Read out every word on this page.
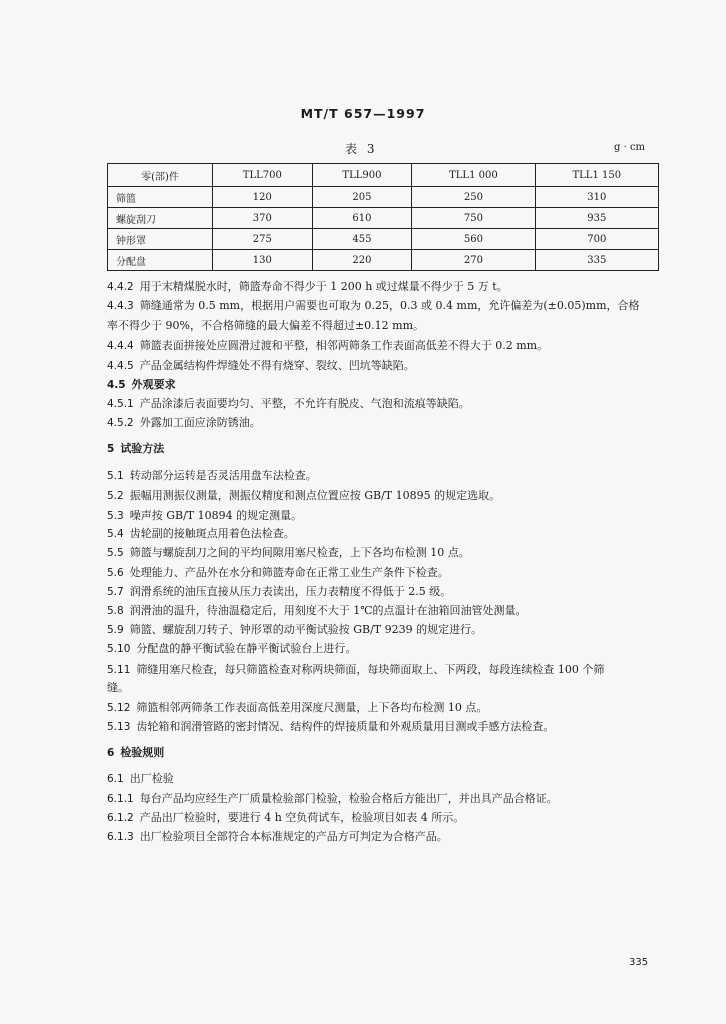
MT/T 657—1997
表 3	g · cm
零(部)件	TLL700	TLL900	TLL1 000	TLL1 150
筛篮	120	205	250	310
螺旋刮刀	370	610	750	935
钟形罩	275	455	560	700
分配盘	130	220	270	335
4.4.2 用于末精煤脱水时，筛篮寿命不得少于 1 200 h 或过煤量不得少于 5 万 t。
4.4.3 筛缝通常为 0.5 mm，根据用户需要也可取为 0.25，0.3 或 0.4 mm，允许偏差为(±0.05)mm，合格
率不得少于 90%，不合格筛缝的最大偏差不得超过±0.12 mm。
4.4.4 筛篮表面拼接处应圆滑过渡和平整，相邻两筛条工作表面高低差不得大于 0.2 mm。
4.4.5 产品金属结构件焊缝处不得有烧穿、裂纹、凹坑等缺陷。
4.5 外观要求
4.5.1 产品涂漆后表面要均匀、平整，不允许有脱皮、气泡和流痕等缺陷。
4.5.2 外露加工面应涂防锈油。
5 试验方法
5.1 转动部分运转是否灵活用盘车法检查。
5.2 振幅用测振仪测量，测振仪精度和测点位置应按 GB/T 10895 的规定选取。
5.3 噪声按 GB/T 10894 的规定测量。
5.4 齿轮副的接触斑点用着色法检查。
5.5 筛篮与螺旋刮刀之间的平均间隙用塞尺检查，上下各均布检测 10 点。
5.6 处理能力、产品外在水分和筛篮寿命在正常工业生产条件下检查。
5.7 润滑系统的油压直接从压力表读出，压力表精度不得低于 2.5 级。
5.8 润滑油的温升，待油温稳定后，用刻度不大于 1℃的点温计在油箱回油管处测量。
5.9 筛篮、螺旋刮刀转子、钟形罩的动平衡试验按 GB/T 9239 的规定进行。
5.10 分配盘的静平衡试验在静平衡试验台上进行。
5.11 筛缝用塞尺检查，每只筛篮检查对称两块筛面，每块筛面取上、下两段，每段连续检查 100 个筛
缝。
5.12 筛篮相邻两筛条工作表面高低差用深度尺测量，上下各均布检测 10 点。
5.13 齿轮箱和润滑管路的密封情况、结构件的焊接质量和外观质量用目测或手感方法检查。
6 检验规则
6.1 出厂检验
6.1.1 每台产品均应经生产厂质量检验部门检验，检验合格后方能出厂，并出具产品合格证。
6.1.2 产品出厂检验时，要进行 4 h 空负荷试车，检验项目如表 4 所示。
6.1.3 出厂检验项目全部符合本标准规定的产品方可判定为合格产品。
335
